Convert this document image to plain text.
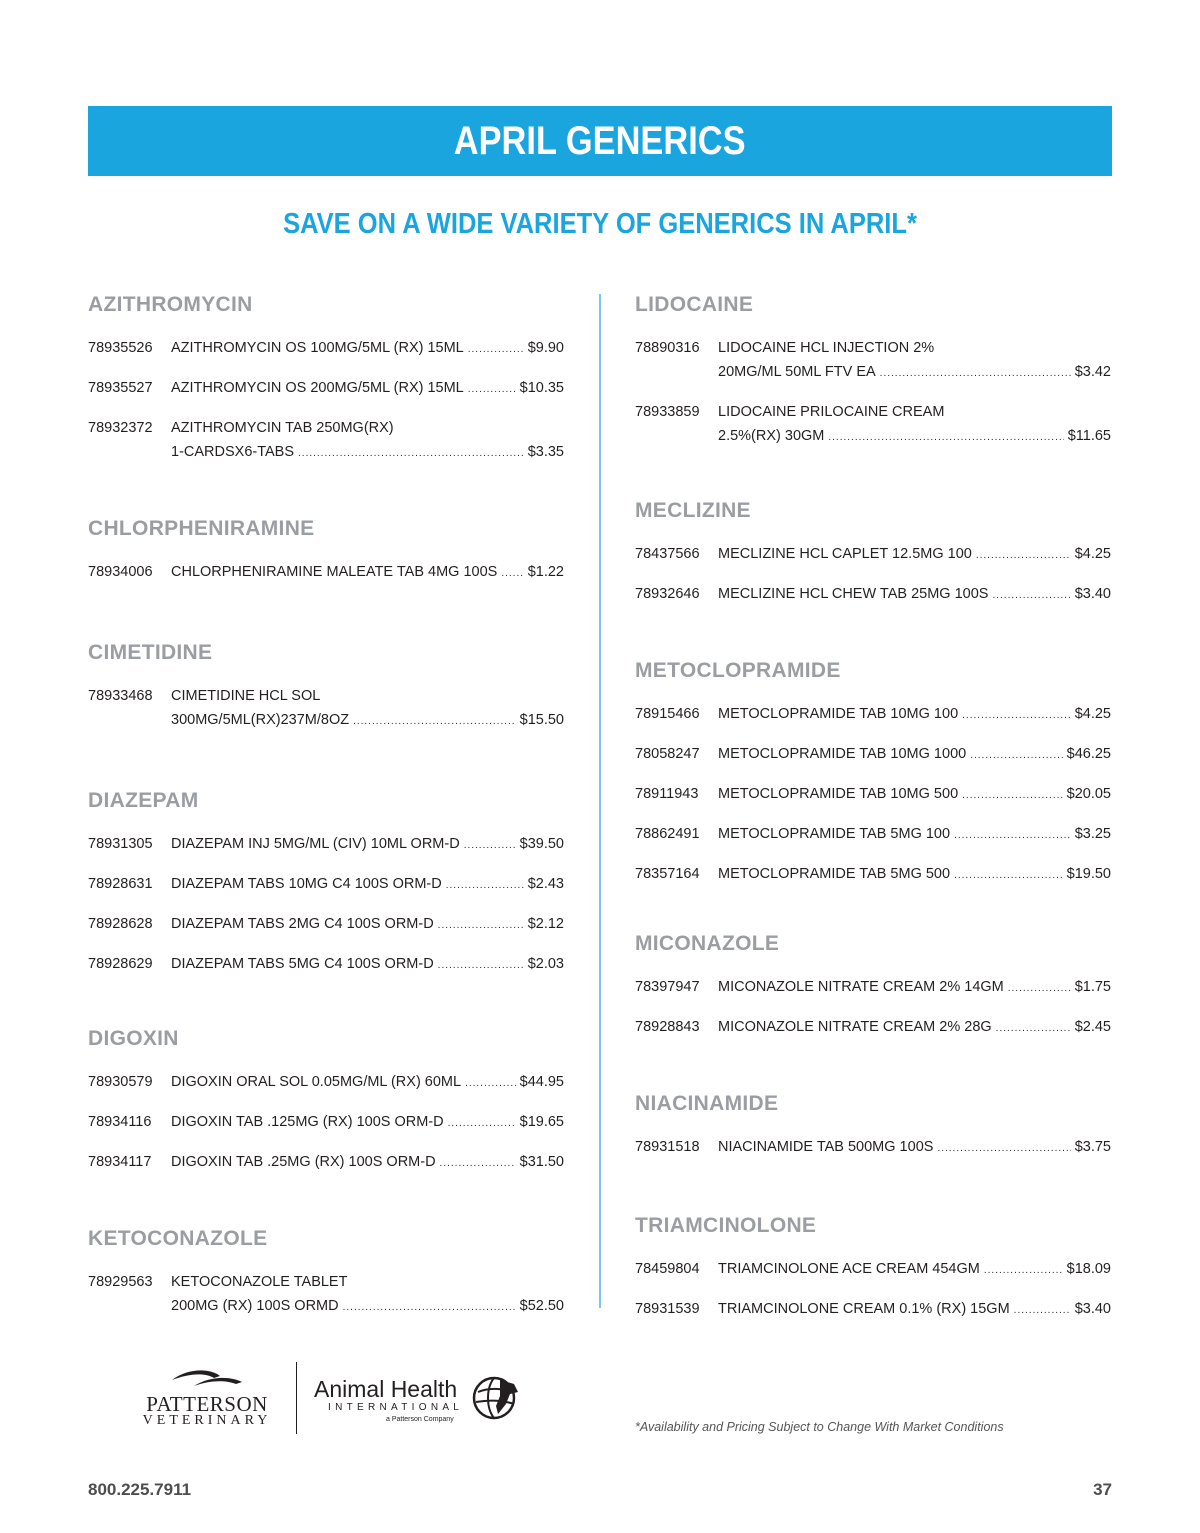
APRIL GENERICS
SAVE ON A WIDE VARIETY OF GENERICS IN APRIL*
AZITHROMYCIN
78935526	AZITHROMYCIN OS 100MG/5ML (RX) 15ML .....	$9.90
78935527	AZITHROMYCIN OS 200MG/5ML (RX) 15ML .....	$10.35
78932372	AZITHROMYCIN TAB 250MG(RX)
1-CARDSX6-TABS .....	$3.35
CHLORPHENIRAMINE
78934006	CHLORPHENIRAMINE MALEATE TAB 4MG 100S ..... $1.22
CIMETIDINE
78933468	CIMETIDINE HCL SOL
300MG/5ML(RX)237M/8OZ .....	$15.50
DIAZEPAM
78931305	DIAZEPAM INJ 5MG/ML (CIV) 10ML ORM-D .....	$39.50
78928631	DIAZEPAM TABS 10MG C4 100S ORM-D .....	$2.43
78928628	DIAZEPAM TABS 2MG C4 100S ORM-D .....	$2.12
78928629	DIAZEPAM TABS 5MG C4 100S ORM-D .....	$2.03
DIGOXIN
78930579	DIGOXIN ORAL SOL 0.05MG/ML (RX) 60ML .....	$44.95
78934116	DIGOXIN TAB .125MG (RX) 100S ORM-D .....	$19.65
78934117	DIGOXIN TAB .25MG (RX) 100S ORM-D .....	$31.50
KETOCONAZOLE
78929563	KETOCONAZOLE TABLET
200MG (RX) 100S ORMD .....	$52.50
LIDOCAINE
78890316	LIDOCAINE HCL INJECTION 2%
20MG/ML 50ML FTV EA .....	$3.42
78933859	LIDOCAINE PRILOCAINE CREAM
2.5%(RX) 30GM .....	$11.65
MECLIZINE
78437566	MECLIZINE HCL CAPLET 12.5MG 100 .....	$4.25
78932646	MECLIZINE HCL CHEW TAB 25MG 100S .....	$3.40
METOCLOPRAMIDE
78915466	METOCLOPRAMIDE TAB 10MG 100 .....	$4.25
78058247	METOCLOPRAMIDE TAB 10MG 1000 .....	$46.25
78911943	METOCLOPRAMIDE TAB 10MG 500 .....	$20.05
78862491	METOCLOPRAMIDE TAB 5MG 100 .....	$3.25
78357164	METOCLOPRAMIDE TAB 5MG 500 .....	$19.50
MICONAZOLE
78397947	MICONAZOLE NITRATE CREAM 2% 14GM .....	$1.75
78928843	MICONAZOLE NITRATE CREAM 2% 28G .....	$2.45
NIACINAMIDE
78931518	NIACINAMIDE TAB 500MG 100S .....	$3.75
TRIAMCINOLONE
78459804	TRIAMCINOLONE ACE CREAM 454GM .....	$18.09
78931539	TRIAMCINOLONE CREAM 0.1% (RX) 15GM .....	$3.40
PATTERSON
VETERINARY
Animal Health
INTERNATIONAL
a Patterson Company
*Availability and Pricing Subject to Change With Market Conditions
800.225.7911	37
